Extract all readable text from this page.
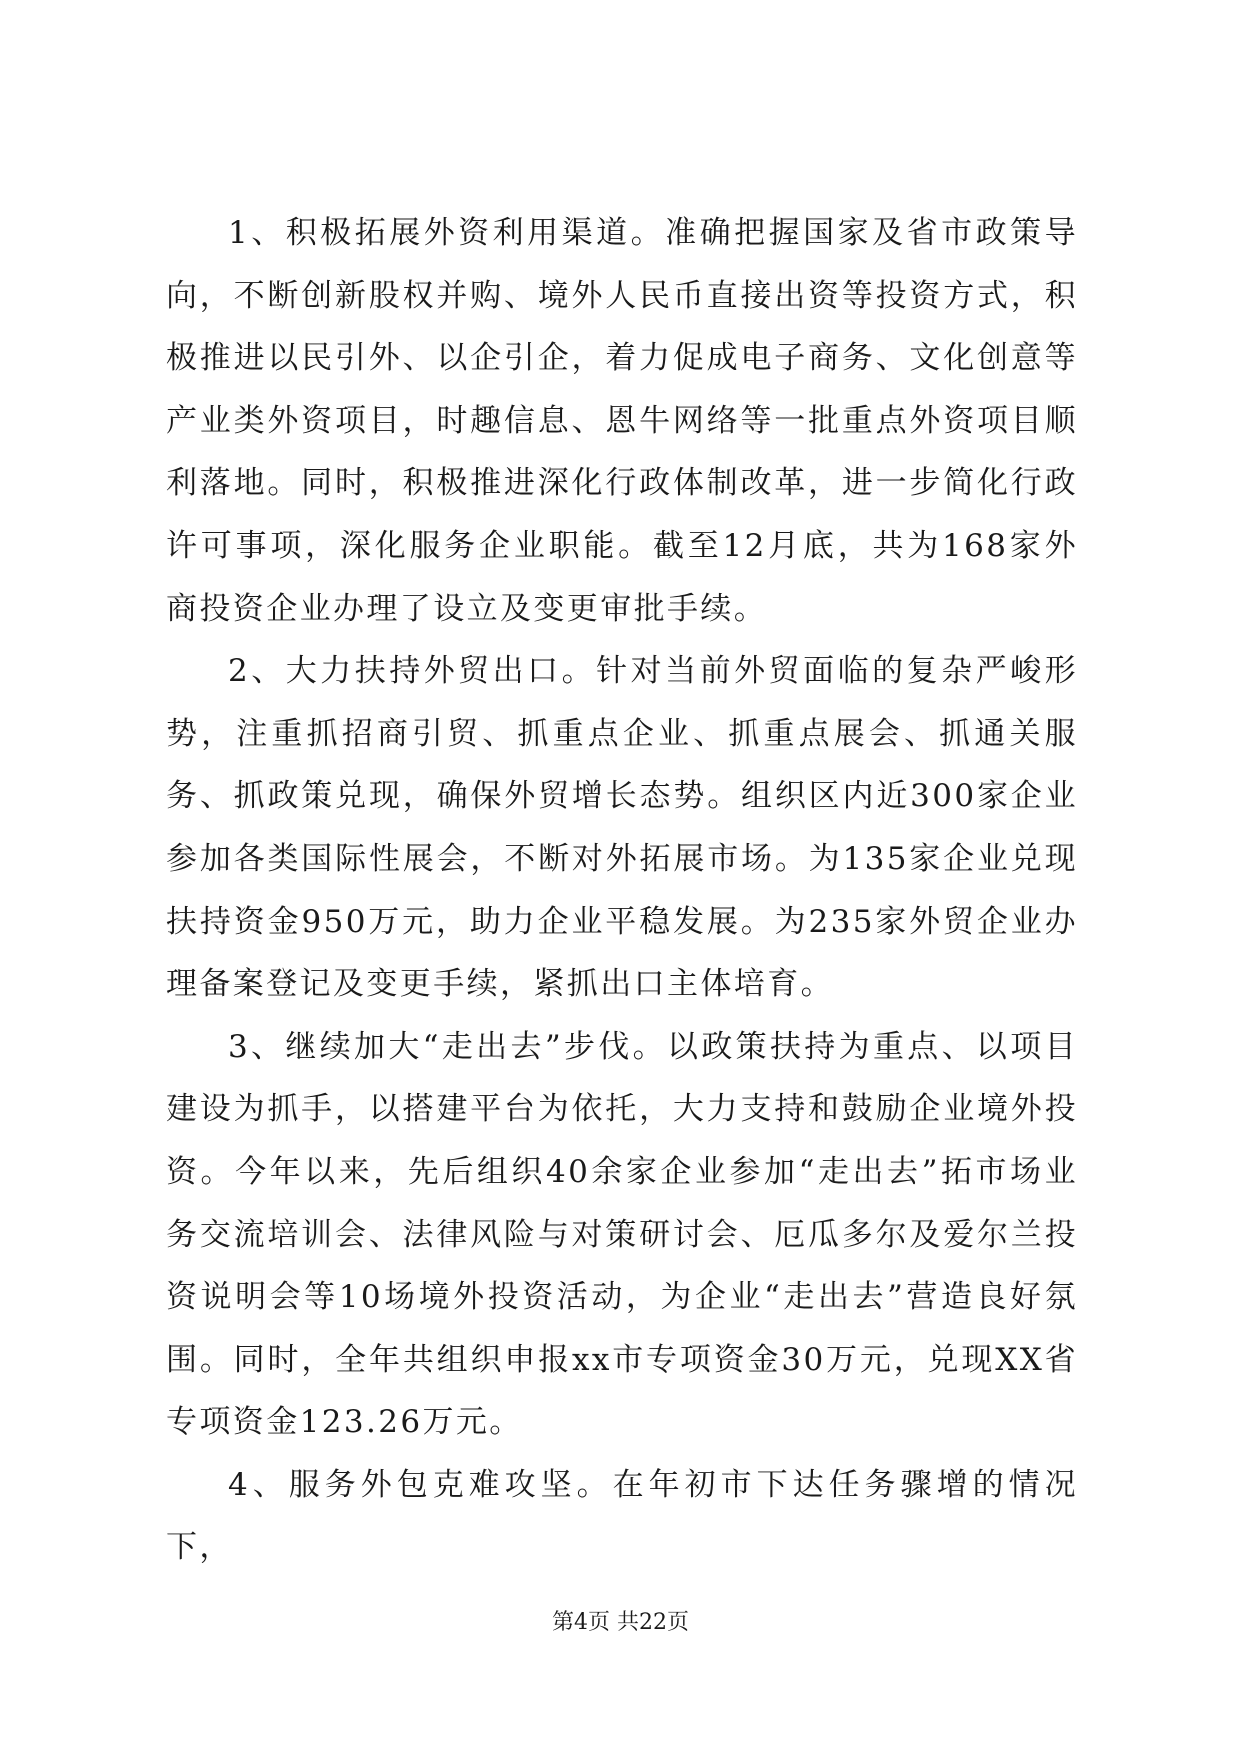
1、积极拓展外资利用渠道。准确把握国家及省市政策导向，不断创新股权并购、境外人民币直接出资等投资方式，积极推进以民引外、以企引企，着力促成电子商务、文化创意等产业类外资项目，时趣信息、恩牛网络等一批重点外资项目顺利落地。同时，积极推进深化行政体制改革，进一步简化行政许可事项，深化服务企业职能。截至12月底，共为168家外商投资企业办理了设立及变更审批手续。

2、大力扶持外贸出口。针对当前外贸面临的复杂严峻形势，注重抓招商引贸、抓重点企业、抓重点展会、抓通关服务、抓政策兑现，确保外贸增长态势。组织区内近300家企业参加各类国际性展会，不断对外拓展市场。为135家企业兑现扶持资金950万元，助力企业平稳发展。为235家外贸企业办理备案登记及变更手续，紧抓出口主体培育。

3、继续加大“走出去”步伐。以政策扶持为重点、以项目建设为抓手，以搭建平台为依托，大力支持和鼓励企业境外投资。今年以来，先后组织40余家企业参加“走出去”拓市场业务交流培训会、法律风险与对策研讨会、厄瓜多尔及爱尔兰投资说明会等10场境外投资活动，为企业“走出去”营造良好氛围。同时，全年共组织申报xx市专项资金30万元，兑现XX省专项资金123.26万元。

4、服务外包克难攻坚。在年初市下达任务骤增的情况下，

第4页 共22页
